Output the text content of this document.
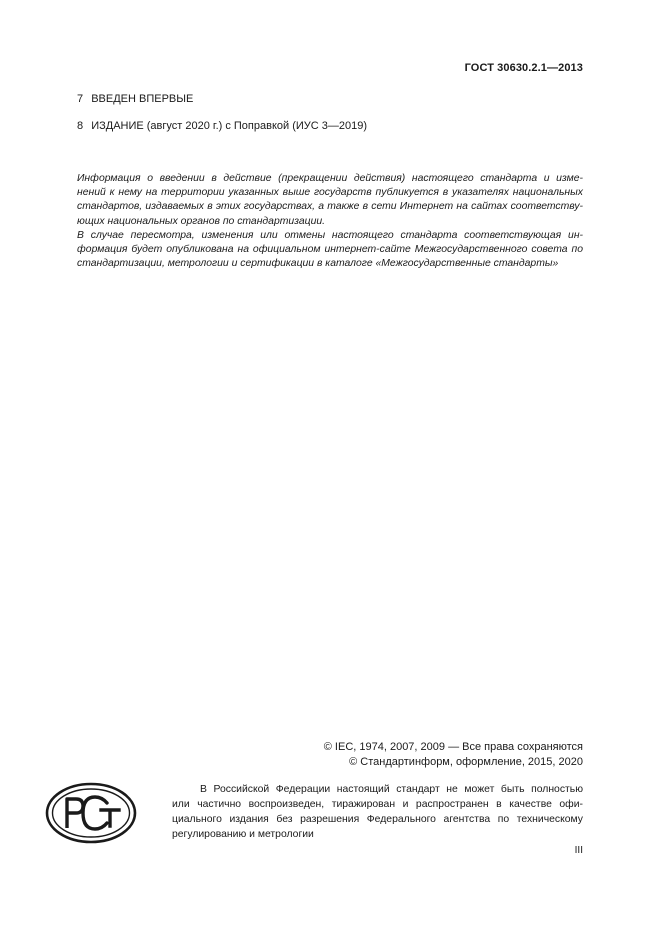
ГОСТ 30630.2.1—2013
7 ВВЕДЕН ВПЕРВЫЕ
8 ИЗДАНИЕ (август 2020 г.) с Поправкой (ИУС 3—2019)

Информация о введении в действие (прекращении действия) настоящего стандарта и изме-
нений к нему на территории указанных выше государств публикуется в указателях национальных
стандартов, издаваемых в этих государствах, а также в сети Интернет на сайтах соответству-
ющих национальных органов по стандартизации.

В случае пересмотра, изменения или отмены настоящего стандарта соответствующая ин-
формация будет опубликована на официальном интернет-сайте Межгосударственного совета по
стандартизации, метрологии и сертификации в каталоге «Межгосударственные стандарты»

© IEC, 1974, 2007, 2009 — Все права сохраняются
© Стандартинформ, оформление, 2015, 2020
В Российской Федерации настоящий стандарт не может быть полностью
или частично воспроизведен, тиражирован и распространен в качестве офи-
циального издания без разрешения Федерального агентства по техническому
регулированию и метрологии
III
